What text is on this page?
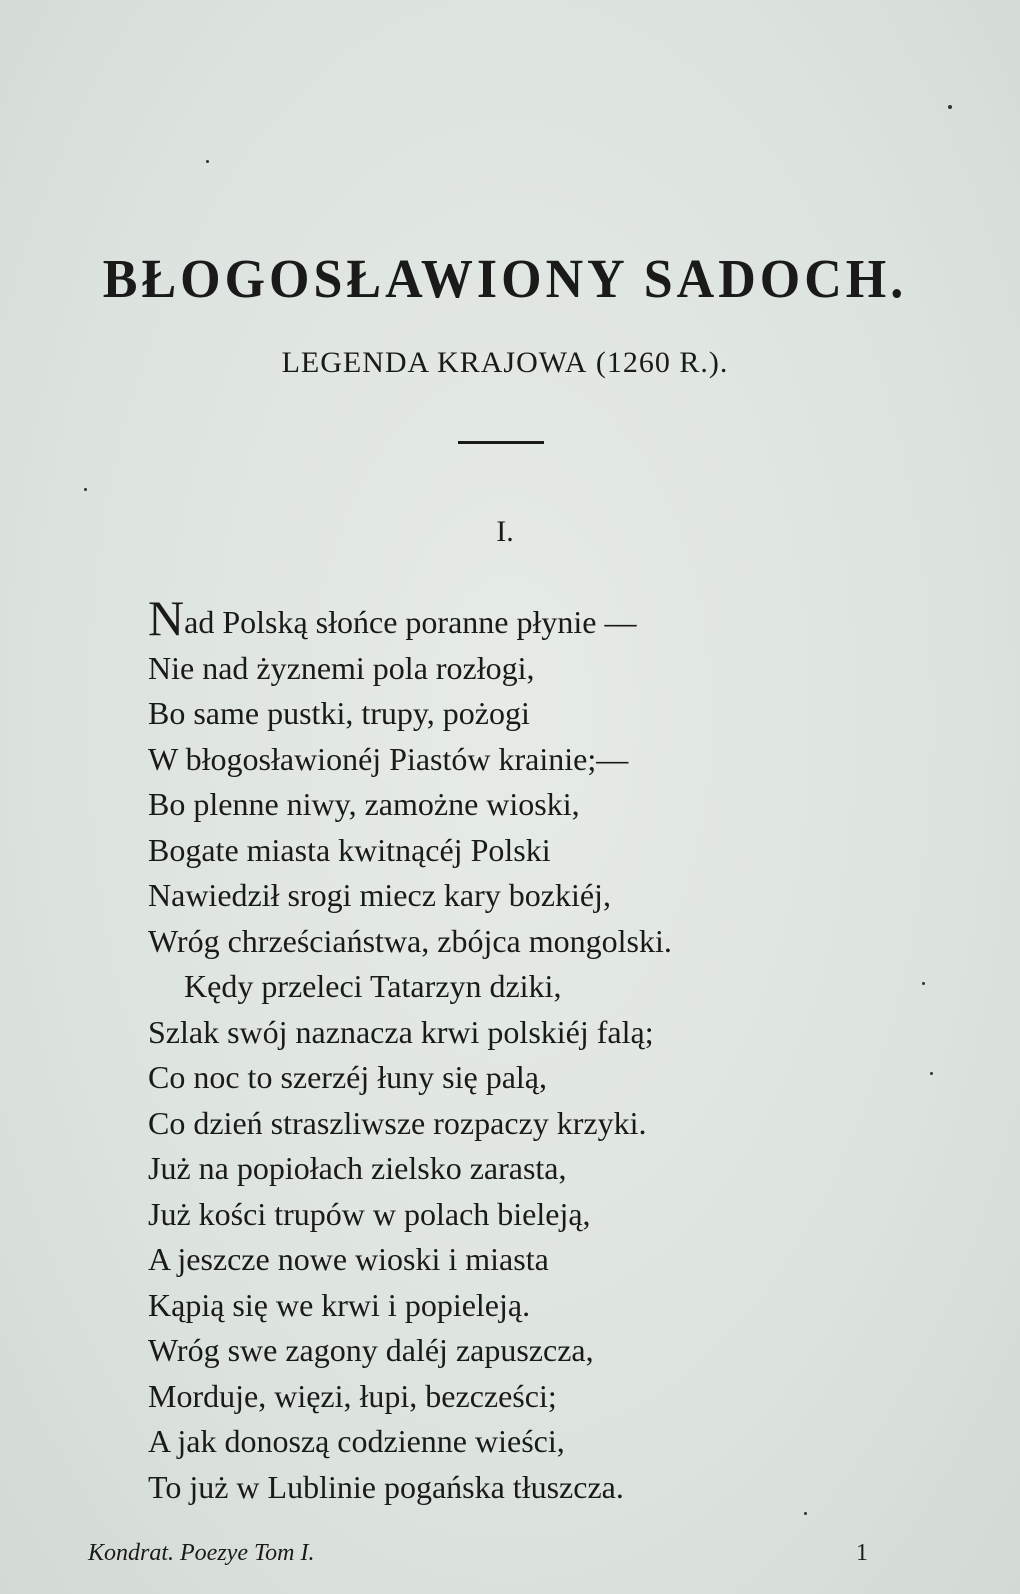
BŁOGOSŁAWIONY SADOCH.
LEGENDA KRAJOWA (1260 R.).
I.
Nad Polską słońce poranne płynie —
Nie nad żyznemi pola rozłogi,
Bo same pustki, trupy, pożogi
W błogosławionéj Piastów krainie;—
Bo plenne niwy, zamożne wioski,
Bogate miasta kwitnącéj Polski
Nawiedził srogi miecz kary bozkiéj,
Wróg chrześciaństwa, zbójca mongolski.
Kędy przeleci Tatarzyn dziki,
Szlak swój naznacza krwi polskiéj falą;
Co noc to szerzéj łuny się palą,
Co dzień straszliwsze rozpaczy krzyki.
Już na popiołach zielsko zarasta,
Już kości trupów w polach bieleją,
A jeszcze nowe wioski i miasta
Kąpią się we krwi i popieleją.
Wróg swe zagony daléj zapuszcza,
Morduje, więzi, łupi, bezcześci;
A jak donoszą codzienne wieści,
To już w Lublinie pogańska tłuszcza.
Kondrat. Poezye Tom I.	1
